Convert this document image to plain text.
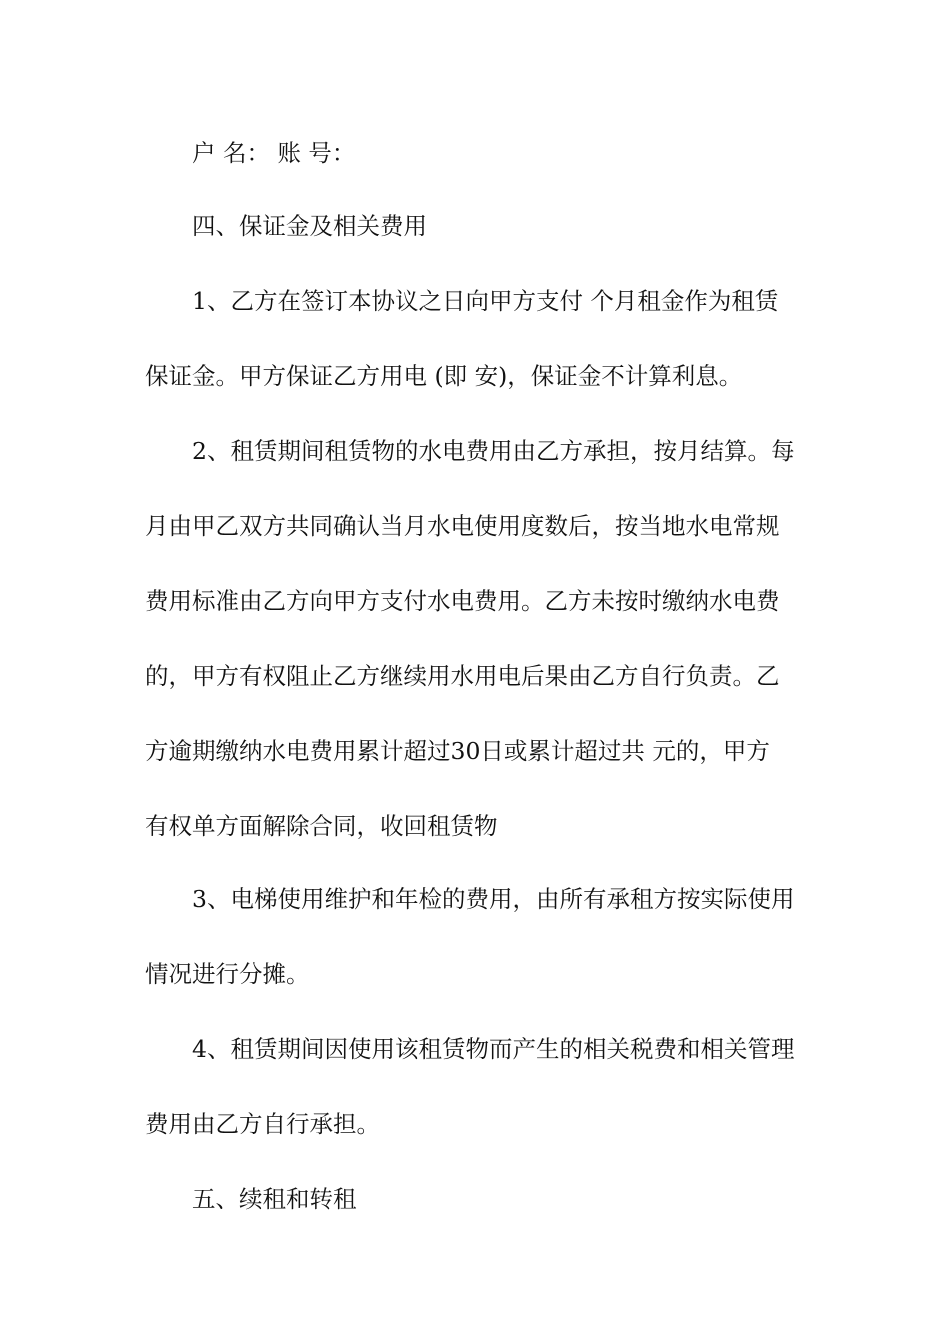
户 名： 账 号：
四、保证金及相关费用
1、乙方在签订本协议之日向甲方支付 个月租金作为租赁
保证金。甲方保证乙方用电 (即 安)，保证金不计算利息。
2、租赁期间租赁物的水电费用由乙方承担，按月结算。每
月由甲乙双方共同确认当月水电使用度数后，按当地水电常规
费用标准由乙方向甲方支付水电费用。乙方未按时缴纳水电费
的，甲方有权阻止乙方继续用水用电后果由乙方自行负责。乙
方逾期缴纳水电费用累计超过30日或累计超过共 元的，甲方
有权单方面解除合同，收回租赁物
3、电梯使用维护和年检的费用，由所有承租方按实际使用
情况进行分摊。
4、租赁期间因使用该租赁物而产生的相关税费和相关管理
费用由乙方自行承担。
五、续租和转租
